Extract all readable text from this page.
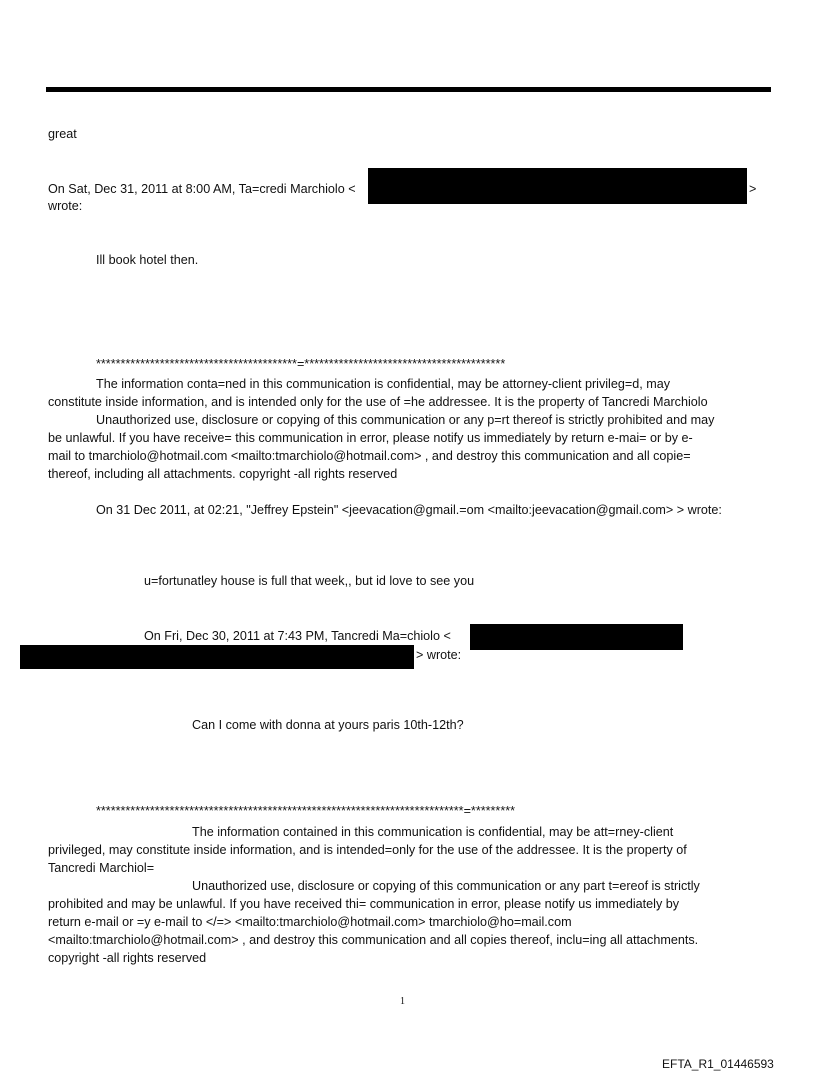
great

On Sat, Dec 31, 2011 at 8:00 AM, Ta=credi Marchiolo <	>

wrote:

Ill book hotel then.

*****************************************=*****************************************

The information conta=ned in this communication is confidential, may be attorney-client privileg=d, may

constitute inside information, and is intended only for the use of =he addressee. It is the property of Tancredi Marchiolo

Unauthorized use, disclosure or copying of this communication or any p=rt thereof is strictly prohibited and may

be unlawful. If you have receive= this communication in error, please notify us immediately by return e-mai= or by e-

mail to tmarchiolo@hotmail.com <mailto:tmarchiolo@hotmail.com> , and destroy this communication and all copie=

thereof, including all attachments. copyright -all rights reserved

On 31 Dec 2011, at 02:21, "Jeffrey Epstein" <jeevacation@gmail.=om <mailto:jeevacation@gmail.com> > wrote:

u=fortunatley house is full that week,, but id love to see you

On Fri, Dec 30, 2011 at 7:43 PM, Tancredi Ma=chiolo <

> wrote:

Can I come with donna at yours paris 10th-12th?

***************************************************************************=*********

The information contained in this communication is confidential, may be att=rney-client

privileged, may constitute inside information, and is intended=only for the use of the addressee. It is the property of

Tancredi Marchiol=

Unauthorized use, disclosure or copying of this communication or any part t=ereof is strictly

prohibited and may be unlawful. If you have received thi= communication in error, please notify us immediately by

return e-mail or =y e-mail to </=> <mailto:tmarchiolo@hotmail.com> tmarchiolo@ho=mail.com

<mailto:tmarchiolo@hotmail.com> , and destroy this communication and all copies thereof, inclu=ing all attachments.

copyright -all rights reserved

1
EFTA_R1_01446593
